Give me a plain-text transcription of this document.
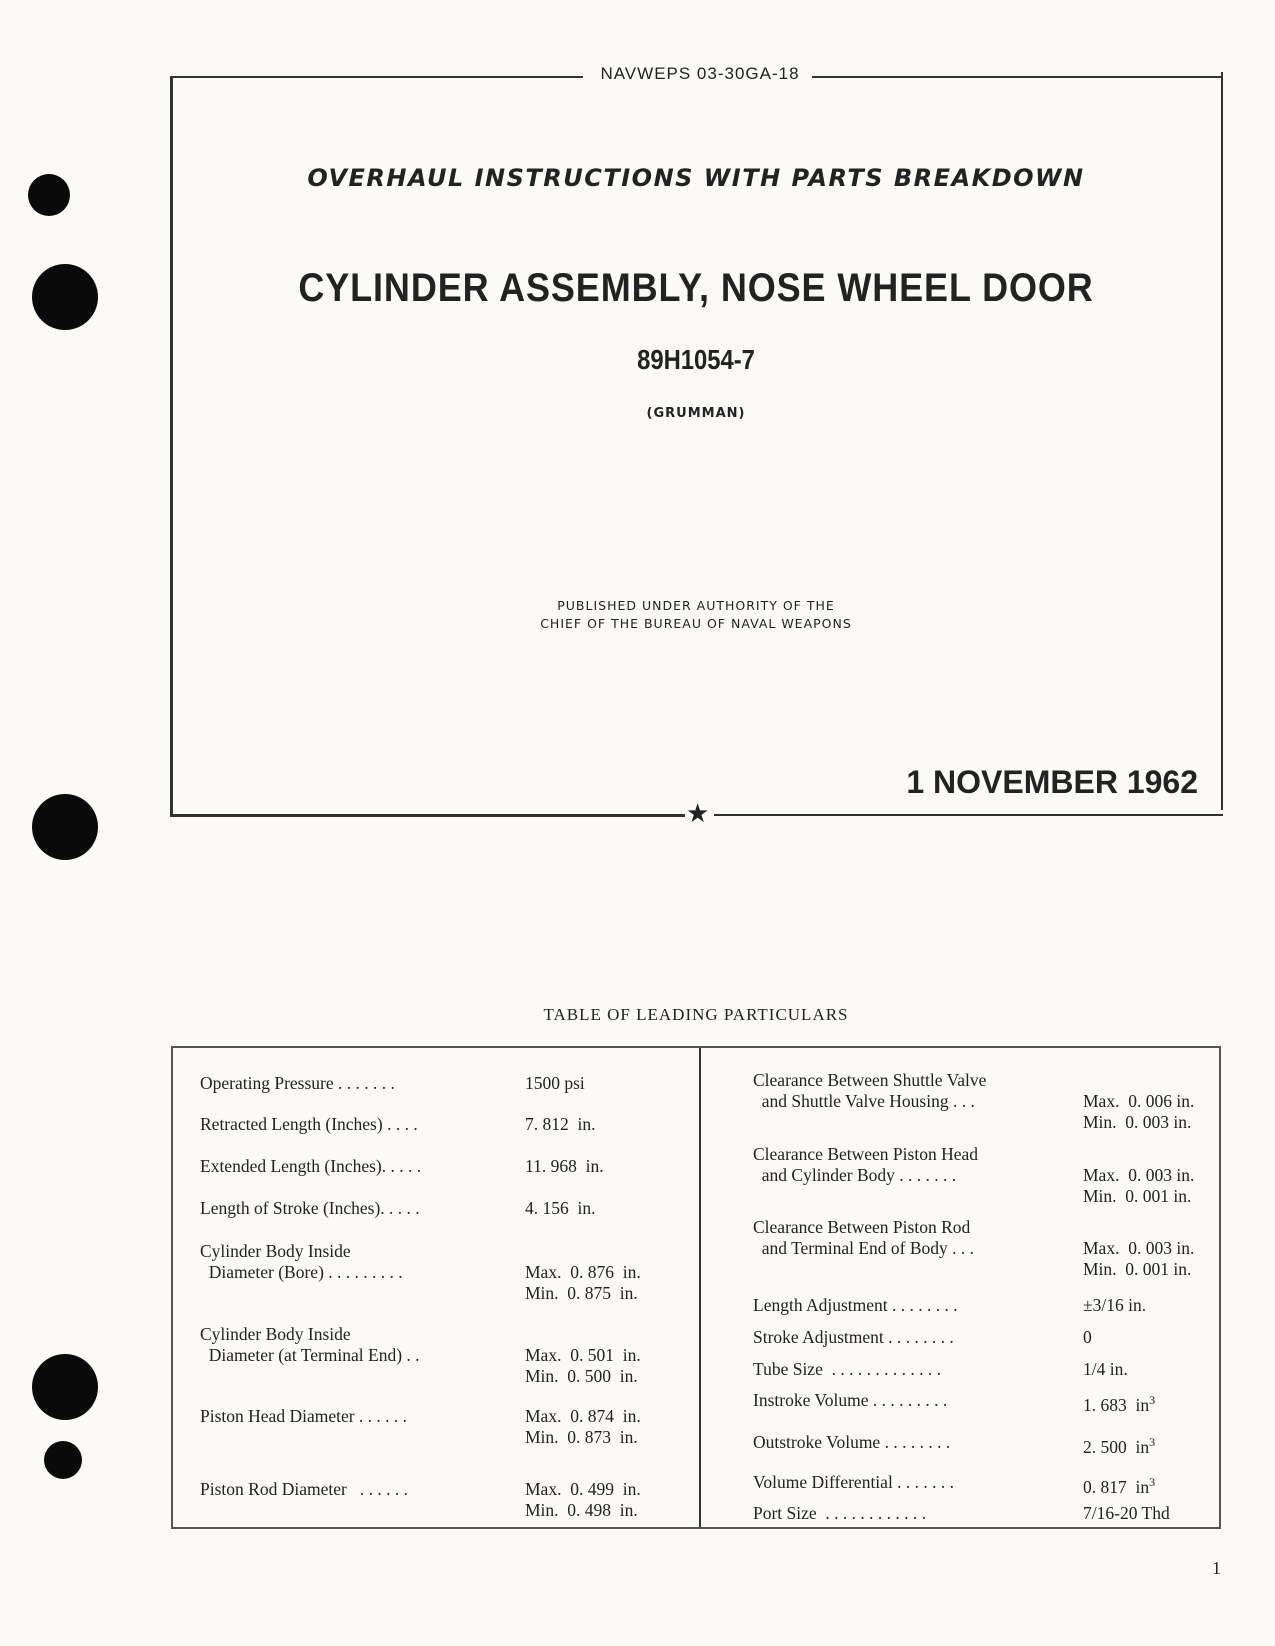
★
NAVWEPS 03-30GA-18
OVERHAUL INSTRUCTIONS WITH PARTS BREAKDOWN
CYLINDER ASSEMBLY, NOSE WHEEL DOOR
89H1054-7
(GRUMMAN)
PUBLISHED UNDER AUTHORITY OF THE
CHIEF OF THE BUREAU OF NAVAL WEAPONS
1 NOVEMBER 1962
TABLE OF LEADING PARTICULARS
Operating Pressure . . . . . . .	1500 psi
Retracted Length (Inches) . . . .	7. 812  in.
Extended Length (Inches). . . . .	11. 968  in.
Length of Stroke (Inches). . . . .	4. 156  in.
Cylinder Body Inside
Diameter (Bore) . . . . . . . . .	Max.  0. 876  in.
Min.  0. 875  in.
Cylinder Body Inside
Diameter (at Terminal End) . .	Max.  0. 501  in.
Min.  0. 500  in.
Piston Head Diameter . . . . . .	Max.  0. 874  in.
Min.  0. 873  in.
Piston Rod Diameter   . . . . . .	Max.  0. 499  in.
Min.  0. 498  in.
Clearance Between Shuttle Valve
and Shuttle Valve Housing . . .	Max.  0. 006 in.
Min.  0. 003 in.
Clearance Between Piston Head
and Cylinder Body . . . . . . .	Max.  0. 003 in.
Min.  0. 001 in.
Clearance Between Piston Rod
and Terminal End of Body . . .	Max.  0. 003 in.
Min.  0. 001 in.
Length Adjustment . . . . . . . .	±3/16 in.
Stroke Adjustment . . . . . . . .	0
Tube Size  . . . . . . . . . . . . .	1/4 in.
Instroke Volume . . . . . . . . .	1. 683  $in^3$
Outstroke Volume . . . . . . . .	2. 500  $in^3$
Volume Differential . . . . . . .	0. 817  $in^3$
Port Size  . . . . . . . . . . . .	7/16-20 Thd
1
